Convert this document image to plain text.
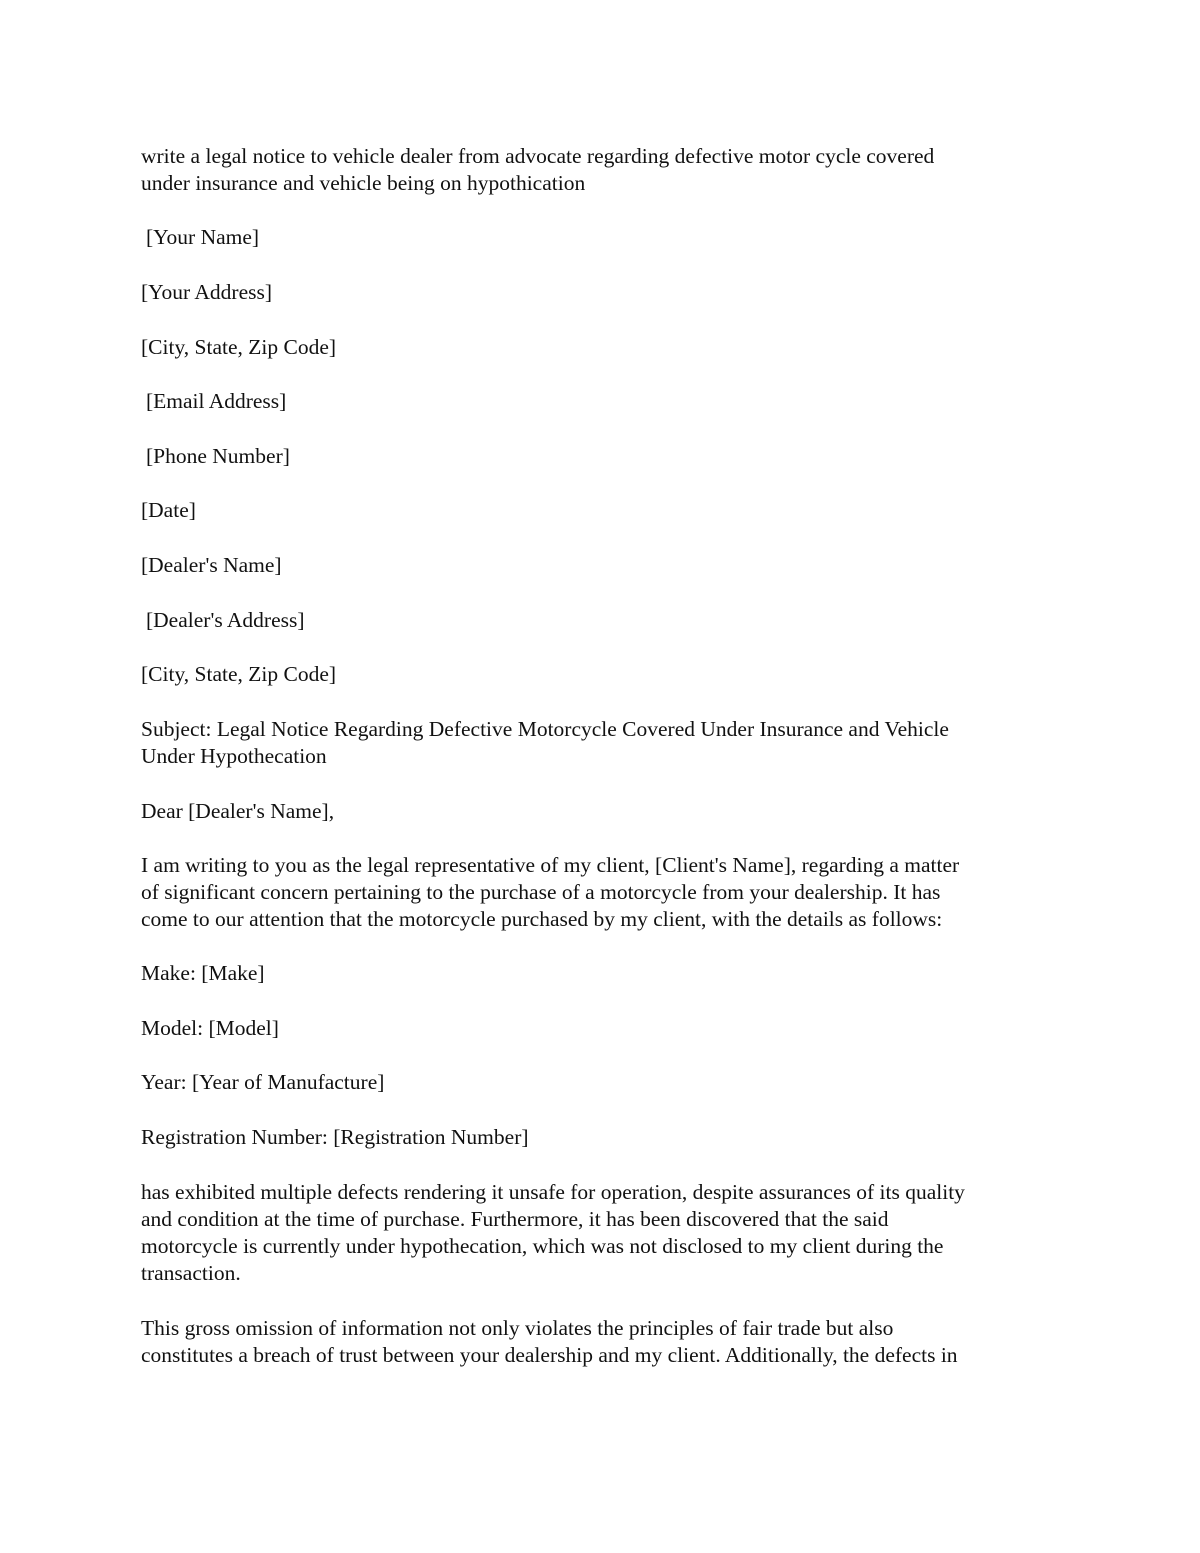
write a legal notice to vehicle dealer from advocate regarding defective motor cycle covered
under insurance and vehicle being on hypothication
[Your Name]
[Your Address]
[City, State, Zip Code]
[Email Address]
[Phone Number]
[Date]
[Dealer's Name]
[Dealer's Address]
[City, State, Zip Code]
Subject: Legal Notice Regarding Defective Motorcycle Covered Under Insurance and Vehicle
Under Hypothecation
Dear [Dealer's Name],
I am writing to you as the legal representative of my client, [Client's Name], regarding a matter
of significant concern pertaining to the purchase of a motorcycle from your dealership. It has
come to our attention that the motorcycle purchased by my client, with the details as follows:
Make: [Make]
Model: [Model]
Year: [Year of Manufacture]
Registration Number: [Registration Number]
has exhibited multiple defects rendering it unsafe for operation, despite assurances of its quality
and condition at the time of purchase. Furthermore, it has been discovered that the said
motorcycle is currently under hypothecation, which was not disclosed to my client during the
transaction.
This gross omission of information not only violates the principles of fair trade but also
constitutes a breach of trust between your dealership and my client. Additionally, the defects in
